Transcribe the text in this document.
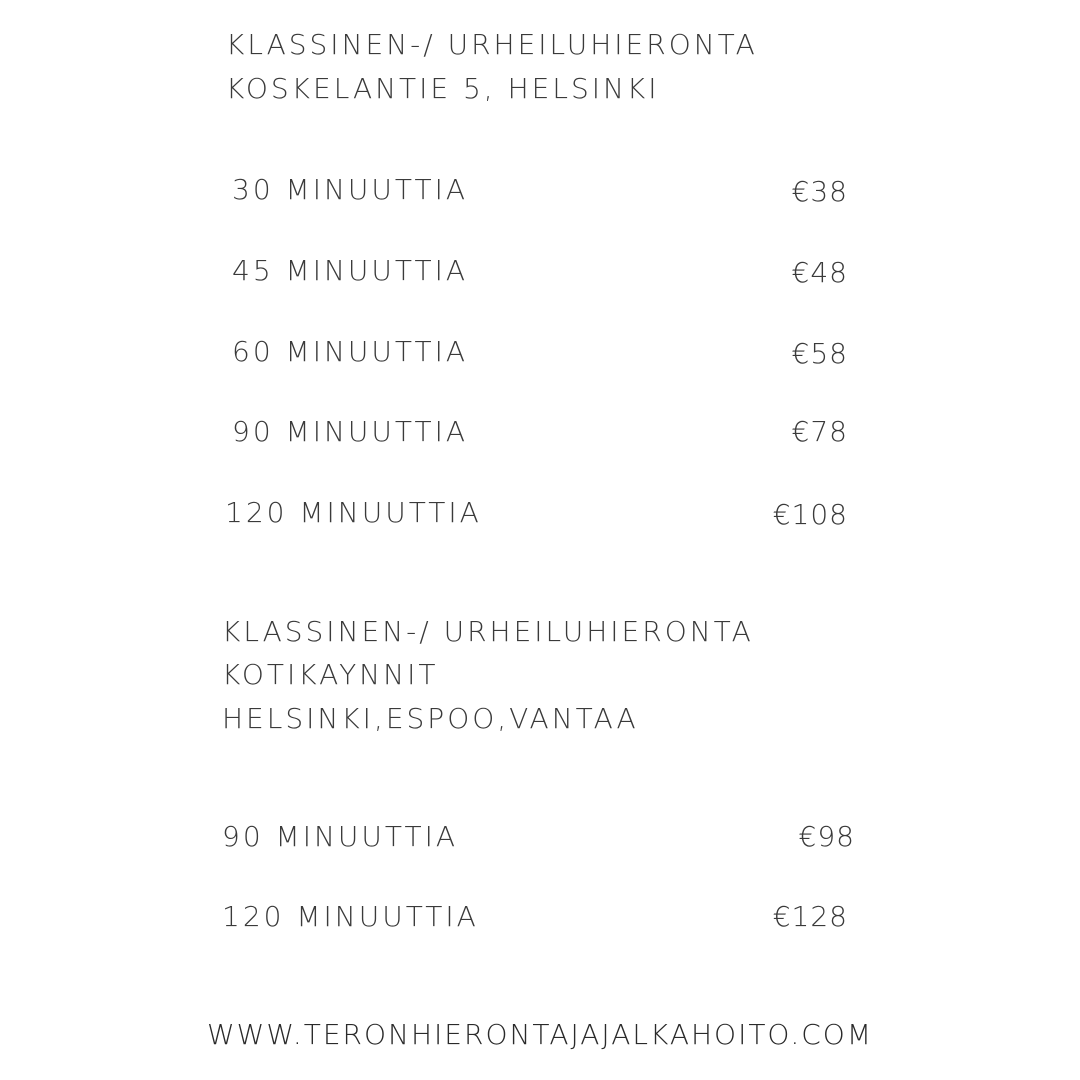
KLASSINEN-/ URHEILUHIERONTA
KOSKELANTIE 5, HELSINKI
30 MINUUTTIA	€38
45 MINUUTTIA	€48
60 MINUUTTIA	€58
90 MINUUTTIA	€78
120 MINUUTTIA	€108
KLASSINEN-/ URHEILUHIERONTA
KOTIKAYNNIT
HELSINKI,ESPOO,VANTAA
90 MINUUTTIA	€98
120 MINUUTTIA	€128
WWW.TERONHIERONTAJAJALKAHOITO.COM
